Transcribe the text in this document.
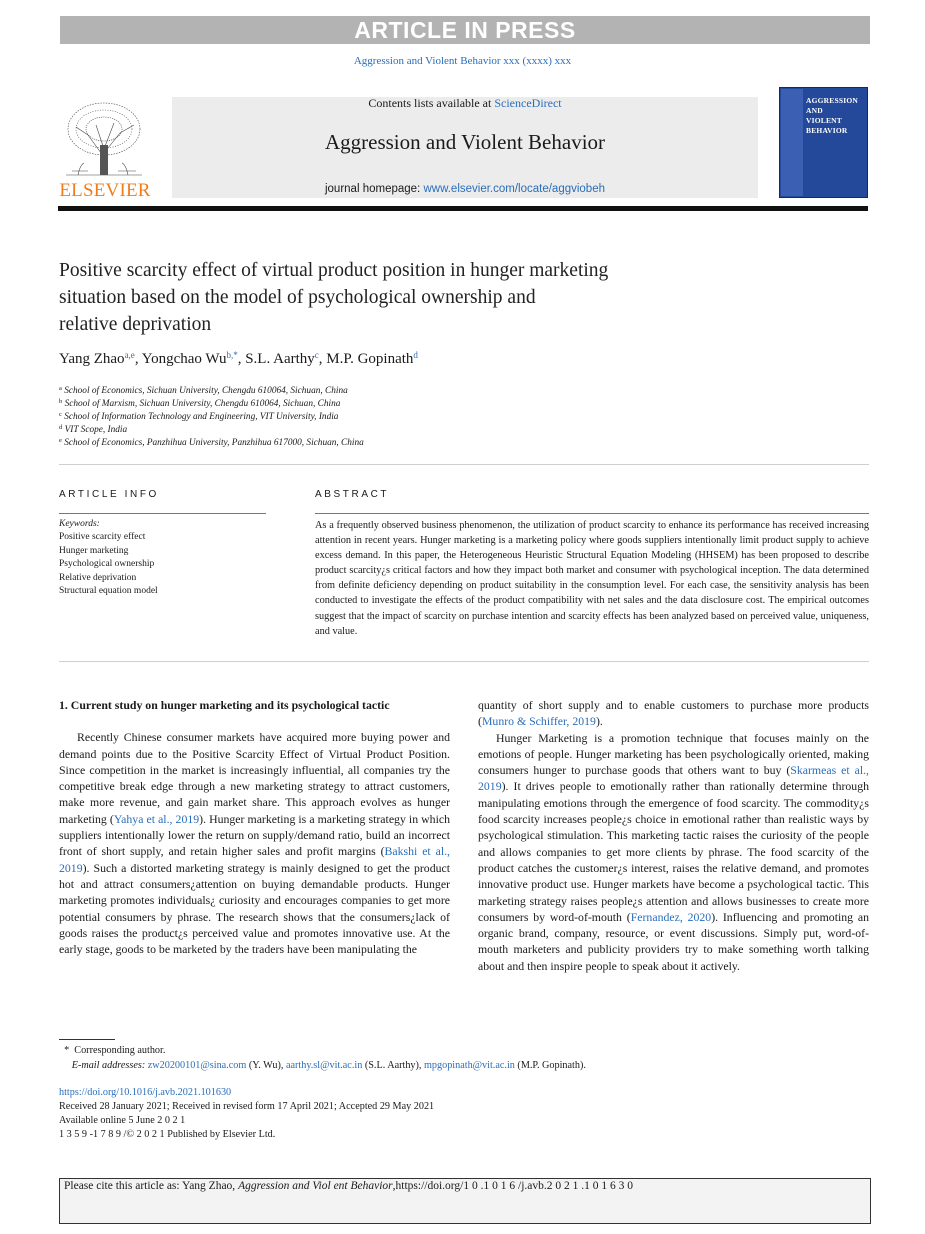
ARTICLE IN PRESS
Aggression and Violent Behavior xxx (xxxx) xxx
ELSEVIER
Contents lists available at ScienceDirect
Aggression and Violent Behavior
journal homepage: www.elsevier.com/locate/aggviobeh
AGGRESSION
AND
VIOLENT
BEHAVIOR
Positive scarcity effect of virtual product position in hunger marketing
situation based on the model of psychological ownership and
relative deprivation
Yang Zhao$^{a,e}$, Yongchao $Wu^{b,*}$, S.L. Aarthy$^c$, M.P. Gopinath$^d$
$^a$ School of Economics, Sichuan University, Chengdu 610064, Sichuan, China
$^b$ School of Marxism, Sichuan University, Chengdu 610064, Sichuan, China
$^c$ School of Information Technology and Engineering, VIT University, India
$^d$ VIT Scope, India
$^e$ School of Economics, Panzhihua University, Panzhihua 617000, Sichuan, China
ARTICLE INFO	ABSTRACT
Keywords:
Positive scarcity effect
Hunger marketing
Psychological ownership
Relative deprivation
Structural equation model
As a frequently observed business phenomenon, the utilization of product scarcity to enhance its performance has received increasing attention in recent years. Hunger marketing is a marketing policy where goods suppliers intentionally limit product supply to achieve excess demand. In this paper, the Heterogeneous Heuristic Structural Equation Modeling (HHSEM) has been proposed to describe product scarcity¿s critical factors and how they impact both market and consumer with psychological inception. The data determined from definite deficiency depending on product suitability in the consumption level. For each case, the sensitivity analysis has been conducted to investigate the effects of the product compatibility with net sales and the data disclosure cost. The empirical outcomes suggest that the impact of scarcity on purchase intention and scarcity effects has been analyzed based on perceived value, uniqueness, and value.
1. Current study on hunger marketing and its psychological tactic
Recently Chinese consumer markets have acquired more buying power and demand points due to the Positive Scarcity Effect of Virtual Product Position. Since competition in the market is increasingly influential, all companies try the competitive break edge through a new marketing strategy to attract customers, make more revenue, and gain market share. This approach evolves as hunger marketing (Yahya et al., 2019). Hunger marketing is a marketing strategy in which suppliers intentionally lower the return on supply/demand ratio, build an incorrect front of short supply, and retain higher sales and profit margins (Bakshi et al., 2019). Such a distorted marketing strategy is mainly designed to get the product hot and attract consumers¿attention on buying demandable products. Hunger marketing promotes individuals¿ curiosity and encourages companies to get more potential consumers by phrase. The research shows that the consumers¿lack of goods raises the product¿s perceived value and promotes innovative use. At the early stage, goods to be marketed by the traders have been manipulating the
quantity of short supply and to enable customers to purchase more products (Munro & Schiffer, 2019).
Hunger Marketing is a promotion technique that focuses mainly on the emotions of people. Hunger marketing has been psychologically oriented, making consumers hunger to purchase goods that others want to buy (Skarmeas et al., 2019). It drives people to emotionally rather than rationally determine through manipulating emotions through the emergence of food scarcity. The commodity¿s food scarcity increases people¿s choice in emotional rather than realistic ways by psychological stimulation. This marketing tactic raises the curiosity of the people and allows companies to get more clients by phrase. The food scarcity of the product catches the customer¿s interest, raises the relative demand, and promotes innovative product use. Hunger markets have become a psychological tactic. This marketing strategy raises people¿s attention and allows businesses to create more consumers by word-of-mouth (Fernandez, 2020). Influencing and promoting an organic brand, company, resource, or event discussions. Simply put, word-of-mouth marketers and publicity providers try to make something worth talking about and then inspire people to speak about it actively.
* Corresponding author.
E-mail addresses: zw20200101@sina.com (Y. Wu), aarthy.sl@vit.ac.in (S.L. Aarthy), mpgopinath@vit.ac.in (M.P. Gopinath).
https://doi.org/10.1016/j.avb.2021.101630
Received 28 January 2021; Received in revised form 17 April 2021; Accepted 29 May 2021
Available online 5 June 2 0 2 1
1 3 5 9 -1 7 8 9 /© 2 0 2 1 Published by Elsevier Ltd.
Please cite this article as: Yang Zhao, Aggression and Viol ent Behavior,https://doi.org/1 0 .1 0 1 6 /j.avb.2 0 2 1 .1 0 1 6 3 0
